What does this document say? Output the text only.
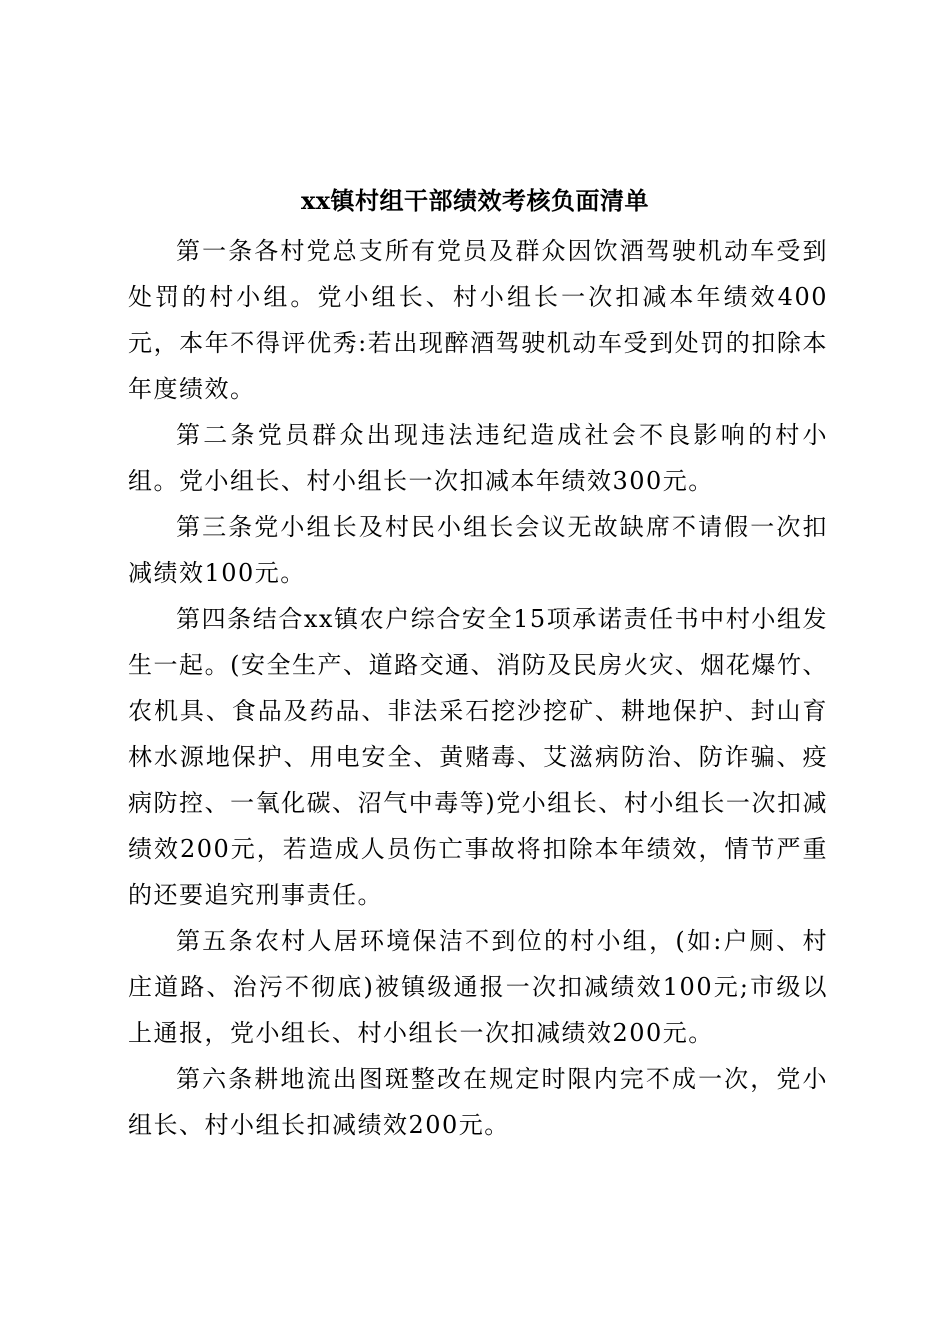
xx镇村组干部绩效考核负面清单

第一条各村党总支所有党员及群众因饮酒驾驶机动车受到处罚的村小组。党小组长、村小组长一次扣减本年绩效400元，本年不得评优秀:若出现醉酒驾驶机动车受到处罚的扣除本年度绩效。

第二条党员群众出现违法违纪造成社会不良影响的村小组。党小组长、村小组长一次扣减本年绩效300元。

第三条党小组长及村民小组长会议无故缺席不请假一次扣减绩效100元。

第四条结合xx镇农户综合安全15项承诺责任书中村小组发生一起。(安全生产、道路交通、消防及民房火灾、烟花爆竹、农机具、食品及药品、非法采石挖沙挖矿、耕地保护、封山育林水源地保护、用电安全、黄赌毒、艾滋病防治、防诈骗、疫病防控、一氧化碳、沼气中毒等)党小组长、村小组长一次扣减绩效200元，若造成人员伤亡事故将扣除本年绩效，情节严重的还要追究刑事责任。

第五条农村人居环境保洁不到位的村小组，(如:户厕、村庄道路、治污不彻底)被镇级通报一次扣减绩效100元;市级以上通报，党小组长、村小组长一次扣减绩效200元。

第六条耕地流出图斑整改在规定时限内完不成一次，党小组长、村小组长扣减绩效200元。
